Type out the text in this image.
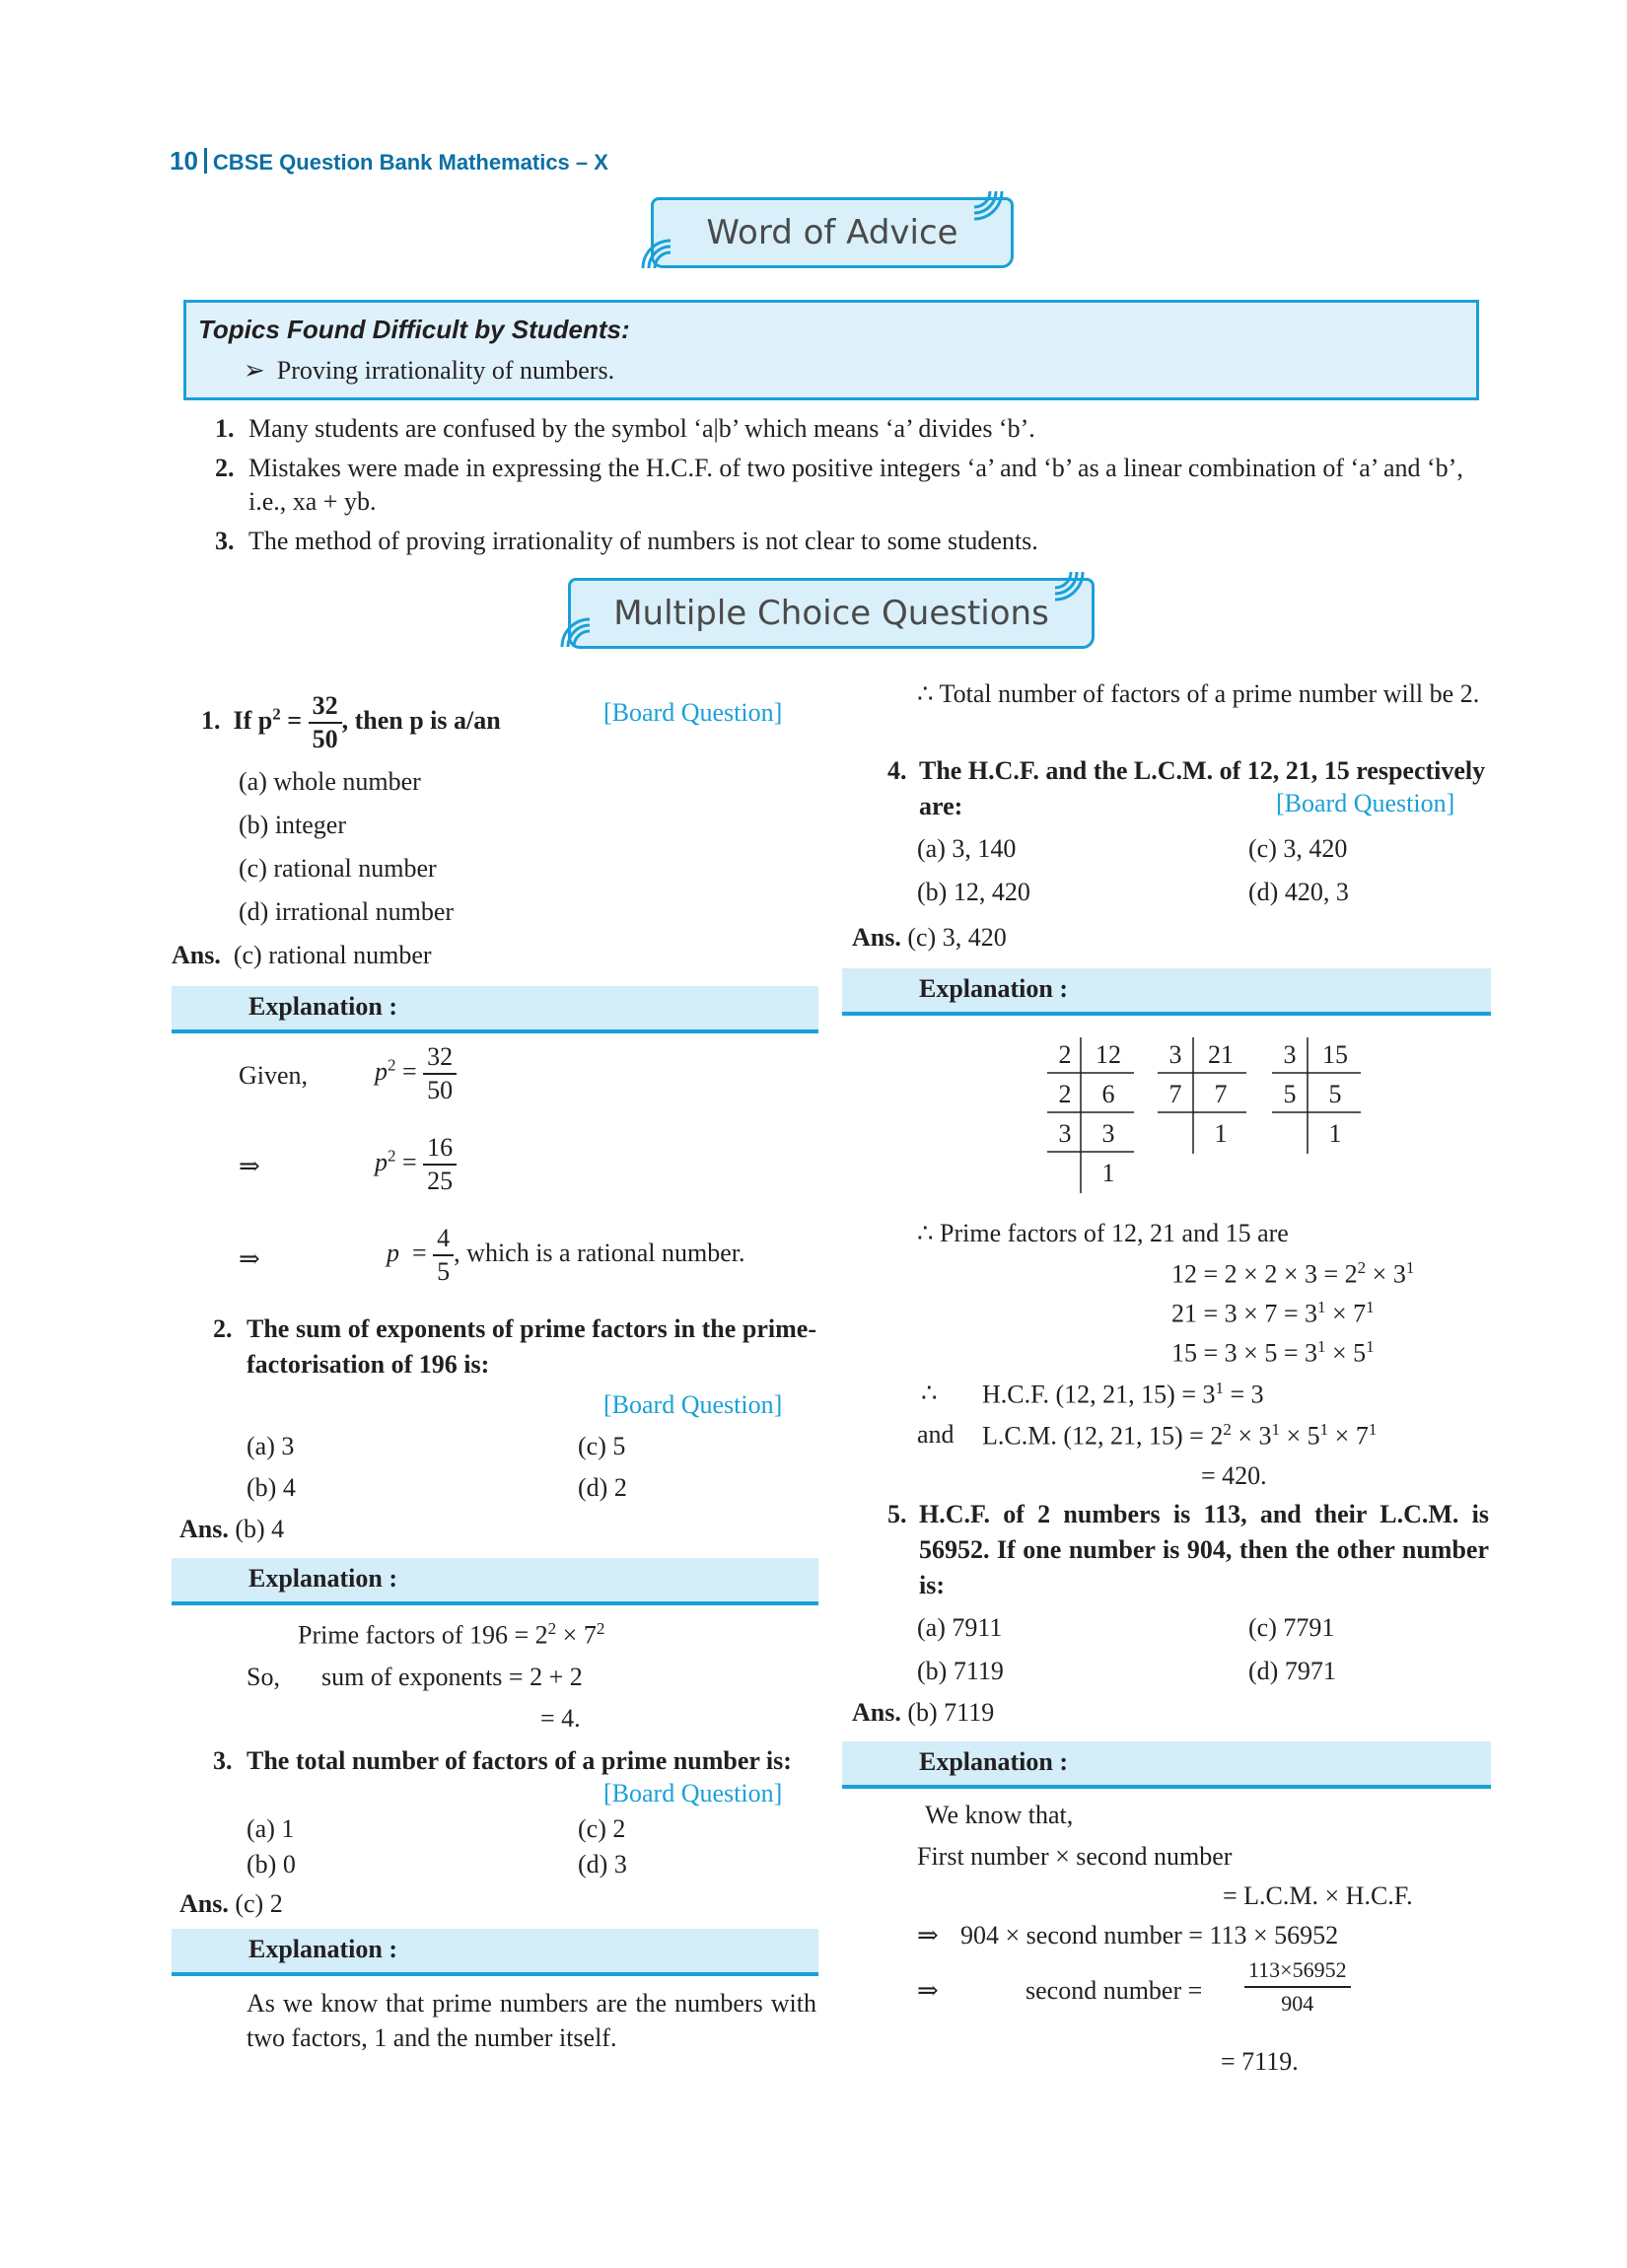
10 CBSE Question Bank Mathematics – X
Word of Advice
Topics Found Difficult by Students:
➢ Proving irrationality of numbers.
1. Many students are confused by the symbol ‘a|b’ which means ‘a’ divides ‘b’.
2. Mistakes were made in expressing the H.C.F. of two positive integers ‘a’ and ‘b’ as a linear combination of ‘a’ and ‘b’, i.e., xa + yb.
3. The method of proving irrationality of numbers is not clear to some students.
Multiple Choice Questions
1. If $p^2 = \frac{32}{50}$ , then p is a/an	[Board Question]
(a) whole number
(b) integer
(c) rational number
(d) irrational number
Ans. (c) rational number
Explanation :
Given,	$p^2 = \frac{32}{50}$
⇒	$p^2 = \frac{16}{25}$
⇒	$p = \frac{4}{5}$ , which is a rational number.
2. The sum of exponents of prime factors in the prime-factorisation of 196 is:
[Board Question]
(a) 3
(b) 4
(c) 5
(d) 2
Ans. (b) 4
Explanation :
Prime factors of $196 = 2^2 \times 7^2$
So, sum of exponents = 2 + 2
= 4.
3. The total number of factors of a prime number is:
[Board Question]
(a) 1
(b) 0
(c) 2
(d) 3
Ans. (c) 2
Explanation :
As we know that prime numbers are the numbers with two factors, 1 and the number itself.
∴ Total number of factors of a prime number will be 2.
4. The H.C.F. and the L.C.M. of 12, 21, 15 respectively are:	[Board Question]
(a) 3, 140
(b) 12, 420
(c) 3, 420
(d) 420, 3
Ans. (c) 3, 420
Explanation :
2 12
2 6
3 3
1
3 21
7 7
1
3 15
5 5
1
∴ Prime factors of 12, 21 and 15 are
$12 = 2 \times 2 \times 3 = 2^2 \times 3^1$
$21 = 3 \times 7 = 3^1 \times 7^1$
$15 = 3 \times 5 = 3^1 \times 5^1$
∴ H.C.F. (12, 21, $15) = 3^1 = 3$
and L.C.M. (12, 21, $15) = 2^2 \times 3^1 \times 5^1 \times 7^1$
= 420.
5. H.C.F. of 2 numbers is 113, and their L.C.M. is 56952. If one number is 904, then the other number is:
(a) 7911
(b) 7119
(c) 7791
(d) 7971
Ans. (b) 7119
Explanation :
We know that,
First number × second number
= L.C.M. × H.C.F.
⇒ 904 × second number = 113 × 56952
⇒	second number = $\frac{113\times 56952}{904}$
= 7119.
